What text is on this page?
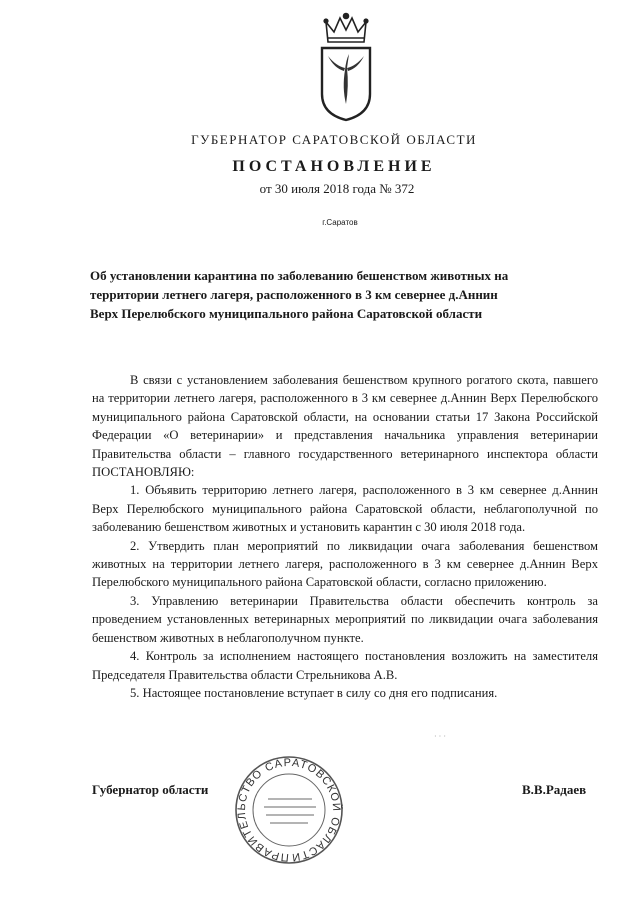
ГУБЕРНАТОР САРАТОВСКОЙ ОБЛАСТИ
ПОСТАНОВЛЕНИЕ
от 30 июля 2018 года № 372
г.Саратов
Об установлении карантина по заболеванию бешенством животных на территории летнего лагеря, расположенного в 3 км севернее д.Аннин Верх Перелюбского муниципального района Саратовской области

В связи с установлением заболевания бешенством крупного рогатого скота, павшего на территории летнего лагеря, расположенного в 3 км севернее д.Аннин Верх Перелюбского муниципального района Саратовской области, на основании статьи 17 Закона Российской Федерации «О ветеринарии» и представления начальника управления ветеринарии Правительства области – главного государственного ветеринарного инспектора области ПОСТАНОВЛЯЮ:

1. Объявить территорию летнего лагеря, расположенного в 3 км севернее д.Аннин Верх Перелюбского муниципального района Саратовской области, неблагополучной по заболеванию бешенством животных и установить карантин с 30 июля 2018 года.

2. Утвердить план мероприятий по ликвидации очага заболевания бешенством животных на территории летнего лагеря, расположенного в 3 км севернее д.Аннин Верх Перелюбского муниципального района Саратовской области, согласно приложению.

3. Управлению ветеринарии Правительства области обеспечить контроль за проведением установленных ветеринарных мероприятий по ликвидации очага заболевания бешенством животных в неблагополучном пункте.

4. Контроль за исполнением настоящего постановления возложить на заместителя Председателя Правительства области Стрельникова А.В.

5. Настоящее постановление вступает в силу со дня его подписания.

· · ·
Губернатор области
ПРАВИТЕЛЬСТВО САРАТОВСКОЙ ОБЛАСТИ
В.В.Радаев
